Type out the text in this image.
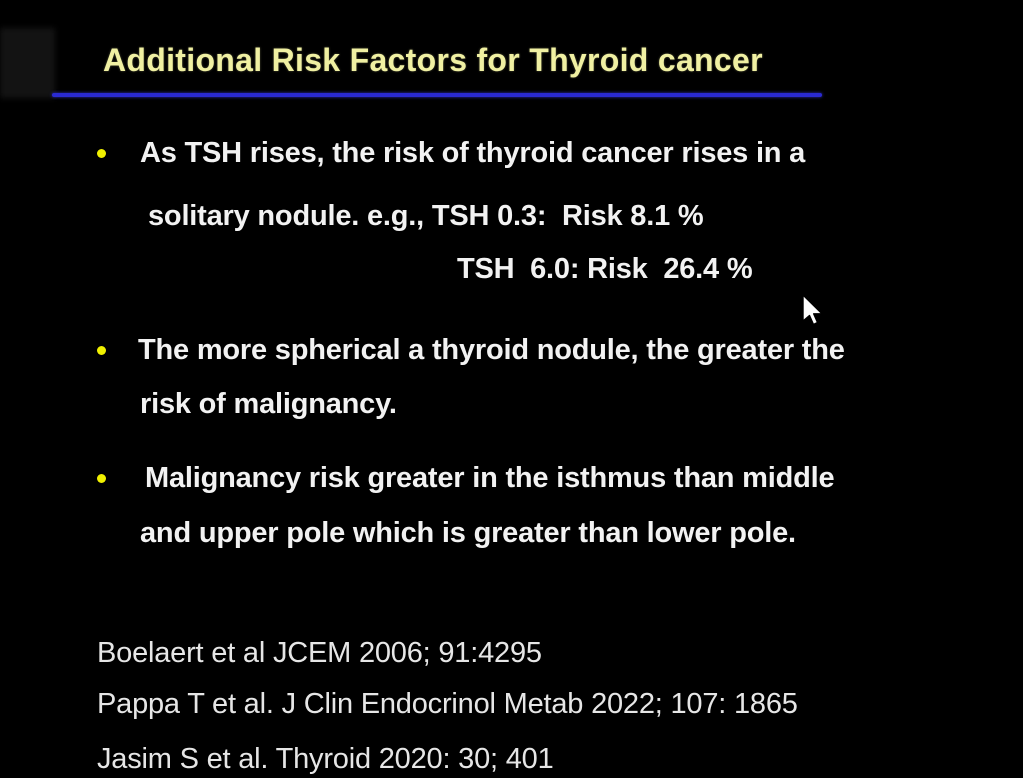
Additional Risk Factors for Thyroid cancer
As TSH rises, the risk of thyroid cancer rises in a
solitary nodule. e.g., TSH 0.3:  Risk 8.1 %
TSH  6.0: Risk  26.4 %
The more spherical a thyroid nodule, the greater the
risk of malignancy.
Malignancy risk greater in the isthmus than middle
and upper pole which is greater than lower pole.
Boelaert et al JCEM 2006; 91:4295
Pappa T et al. J Clin Endocrinol Metab 2022; 107: 1865
Jasim S et al. Thyroid 2020: 30; 401
